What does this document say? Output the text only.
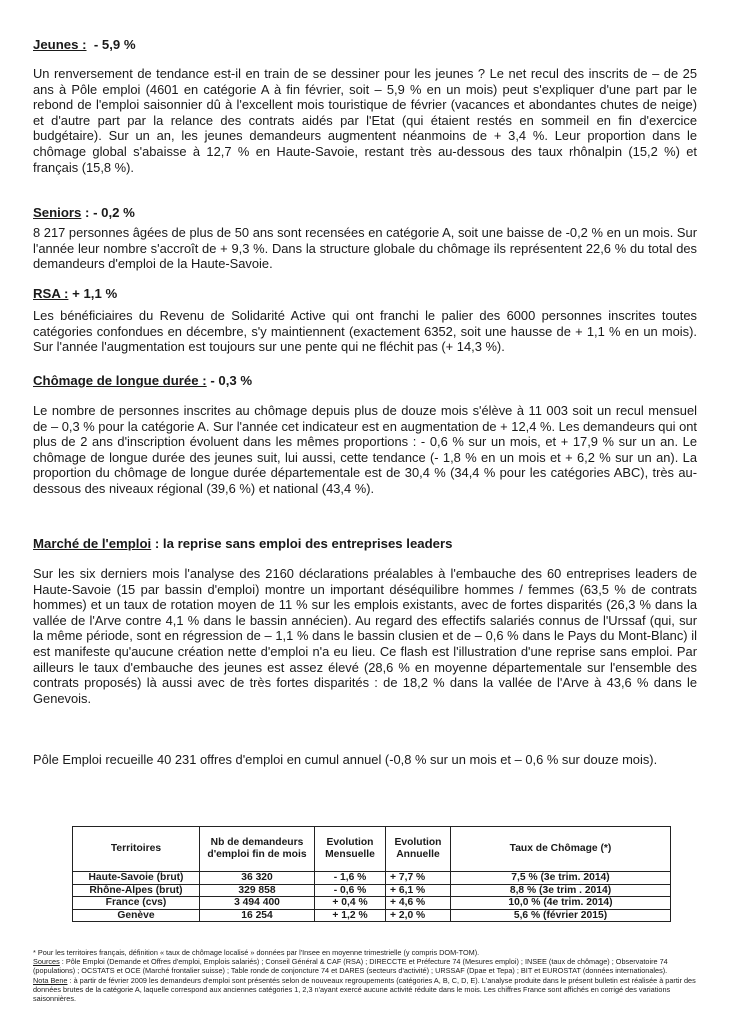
Jeunes : - 5,9 %

Un renversement de tendance est-il en train de se dessiner pour les jeunes ? Le net recul des inscrits de – de 25 ans à Pôle emploi (4601 en catégorie A à fin février, soit – 5,9 % en un mois) peut s'expliquer d'une part par le rebond de l'emploi saisonnier dû à l'excellent mois touristique de février (vacances et abondantes chutes de neige) et d'autre part par la relance des contrats aidés par l'Etat (qui étaient restés en sommeil en fin d'exercice budgétaire). Sur un an, les jeunes demandeurs augmentent néanmoins de + 3,4 %. Leur proportion dans le chômage global s'abaisse à 12,7 % en Haute-Savoie, restant très au-dessous des taux rhônalpin (15,2 %) et français (15,8 %).

Seniors : - 0,2 %

8 217 personnes âgées de plus de 50 ans sont recensées en catégorie A, soit une baisse de -0,2 % en un mois. Sur l'année leur nombre s'accroît de + 9,3 %. Dans la structure globale du chômage ils représentent 22,6 % du total des demandeurs d'emploi de la Haute-Savoie.

RSA : + 1,1 %

Les bénéficiaires du Revenu de Solidarité Active qui ont franchi le palier des 6000 personnes inscrites toutes catégories confondues en décembre, s'y maintiennent (exactement 6352, soit une hausse de + 1,1 % en un mois). Sur l'année l'augmentation est toujours sur une pente qui ne fléchit pas (+ 14,3 %).

Chômage de longue durée : - 0,3 %

Le nombre de personnes inscrites au chômage depuis plus de douze mois s'élève à 11 003 soit un recul mensuel de – 0,3 % pour la catégorie A. Sur l'année cet indicateur est en augmentation de + 12,4 %. Les demandeurs qui ont plus de 2 ans d'inscription évoluent dans les mêmes proportions : - 0,6 % sur un mois, et + 17,9 % sur un an. Le chômage de longue durée des jeunes suit, lui aussi, cette tendance (- 1,8 % en un mois et + 6,2 % sur un an). La proportion du chômage de longue durée départementale est de 30,4 % (34,4 % pour les catégories ABC), très au-dessous des niveaux régional (39,6 %) et national (43,4 %).

Marché de l'emploi : la reprise sans emploi des entreprises leaders

Sur les six derniers mois l'analyse des 2160 déclarations préalables à l'embauche des 60 entreprises leaders de Haute-Savoie (15 par bassin d'emploi) montre un important déséquilibre hommes / femmes (63,5 % de contrats hommes) et un taux de rotation moyen de 11 % sur les emplois existants, avec de fortes disparités (26,3 % dans la vallée de l'Arve contre 4,1 % dans le bassin annécien). Au regard des effectifs salariés connus de l'Urssaf (qui, sur la même période, sont en régression de – 1,1 % dans le bassin clusien et de – 0,6 % dans le Pays du Mont-Blanc) il est manifeste qu'aucune création nette d'emploi n'a eu lieu. Ce flash est l'illustration d'une reprise sans emploi. Par ailleurs le taux d'embauche des jeunes est assez élevé (28,6 % en moyenne départementale sur l'ensemble des contrats proposés) là aussi avec de très fortes disparités : de 18,2 % dans la vallée de l'Arve à 43,6 % dans le Genevois.

Pôle Emploi recueille 40 231 offres d'emploi en cumul annuel (-0,8 % sur un mois et – 0,6 % sur douze mois).

Territoires	Nb de demandeurs d'emploi fin de mois	Evolution Mensuelle	Evolution Annuelle	Taux de Chômage (*)
Haute-Savoie (brut)	36 320	- 1,6 %	+ 7,7 %	7,5 % (3e trim. 2014)
Rhône-Alpes (brut)	329 858	- 0,6 %	+ 6,1 %	8,8 % (3e trim . 2014)
France (cvs)	3 494 400	+ 0,4 %	+ 4,6 %	10,0 % (4e trim. 2014)
Genève	16 254	+ 1,2 %	+ 2,0 %	5,6 % (février 2015)

* Pour les territoires français, définition « taux de chômage localisé » données par l'Insee en moyenne trimestrielle (y compris DOM-TOM).

Sources : Pôle Emploi (Demande et Offres d'emploi, Emplois salariés) ; Conseil Général & CAF (RSA) ; DIRECCTE et Préfecture 74 (Mesures emploi) ; INSEE (taux de chômage) ; Observatoire 74 (populations) ; OCSTATS et OCE (Marché frontalier suisse) ; Table ronde de conjoncture 74 et DARES (secteurs d'activité) ; URSSAF (Dpae et Tepa) ; BIT et EUROSTAT (données internationales).

Nota Bene : à partir de février 2009 les demandeurs d'emploi sont présentés selon de nouveaux regroupements (catégories A, B, C, D, E). L'analyse produite dans le présent bulletin est réalisée à partir des données brutes de la catégorie A, laquelle correspond aux anciennes catégories 1, 2,3 n'ayant exercé aucune activité réduite dans le mois. Les chiffres France sont affichés en corrigé des variations saisonnières.
